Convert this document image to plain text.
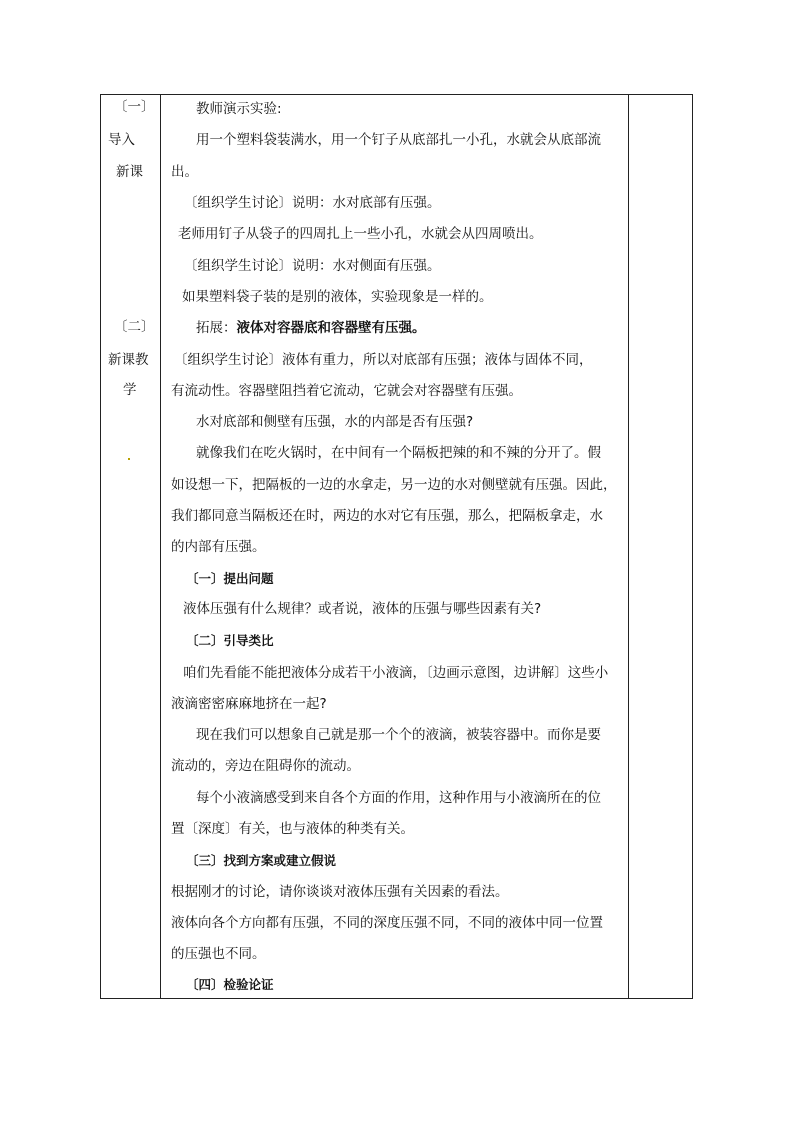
〔一〕
导入
新课
〔二〕
新课教
学
教师演示实验:
用一个塑料袋装满水，用一个钉子从底部扎一小孔，水就会从底部流
出。
〔组织学生讨论〕说明：水对底部有压强。
老师用钉子从袋子的四周扎上一些小孔，水就会从四周喷出。
〔组织学生讨论〕说明：水对侧面有压强。
如果塑料袋子装的是别的液体，实验现象是一样的。
拓展：液体对容器底和容器壁有压强。
〔组织学生讨论〕液体有重力，所以对底部有压强；液体与固体不同，
有流动性。容器壁阻挡着它流动，它就会对容器壁有压强。
水对底部和侧壁有压强，水的内部是否有压强?
就像我们在吃火锅时，在中间有一个隔板把辣的和不辣的分开了。假
如设想一下，把隔板的一边的水拿走，另一边的水对侧壁就有压强。因此，
我们都同意当隔板还在时，两边的水对它有压强，那么，把隔板拿走，水
的内部有压强。
〔一〕提出问题
液体压强有什么规律？或者说，液体的压强与哪些因素有关?
〔二〕引导类比
咱们先看能不能把液体分成若干小液滴，〔边画示意图，边讲解〕这些小
液滴密密麻麻地挤在一起?
现在我们可以想象自己就是那一个个的液滴，被装容器中。而你是要
流动的，旁边在阻碍你的流动。
每个小液滴感受到来自各个方面的作用，这种作用与小液滴所在的位
置〔深度〕有关，也与液体的种类有关。
〔三〕找到方案或建立假说
根据刚才的讨论，请你谈谈对液体压强有关因素的看法。
液体向各个方向都有压强，不同的深度压强不同，不同的液体中同一位置
的压强也不同。
〔四〕检验论证
